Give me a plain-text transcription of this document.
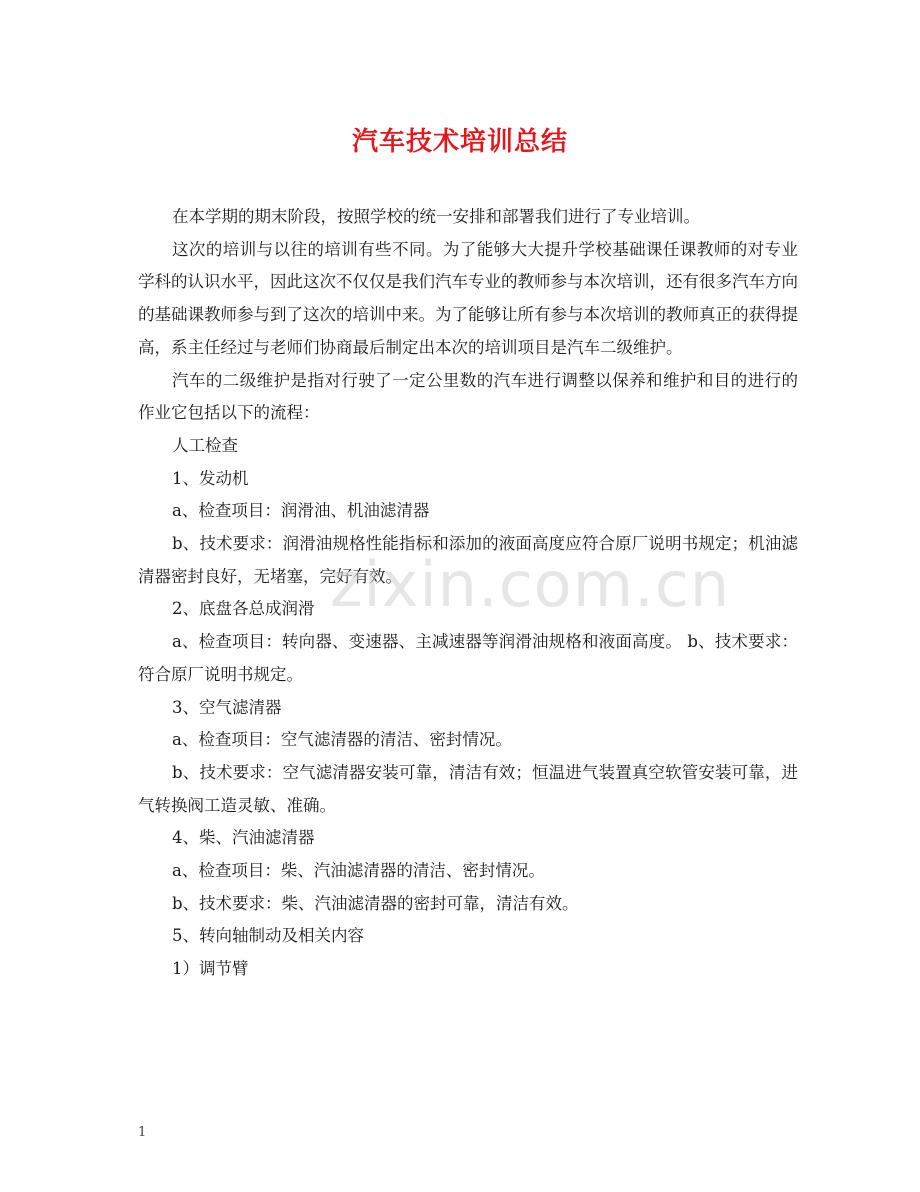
汽车技术培训总结

在本学期的期末阶段，按照学校的统一安排和部署我们进行了专业培训。

这次的培训与以往的培训有些不同。为了能够大大提升学校基础课任课教师的对专业学科的认识水平，因此这次不仅仅是我们汽车专业的教师参与本次培训，还有很多汽车方向的基础课教师参与到了这次的培训中来。为了能够让所有参与本次培训的教师真正的获得提高，系主任经过与老师们协商最后制定出本次的培训项目是汽车二级维护。

汽车的二级维护是指对行驶了一定公里数的汽车进行调整以保养和维护和目的进行的作业它包括以下的流程：

人工检查

1、发动机

a、检查项目：润滑油、机油滤清器

b、技术要求：润滑油规格性能指标和添加的液面高度应符合原厂说明书规定；机油滤清器密封良好，无堵塞，完好有效。

2、底盘各总成润滑

a、检查项目：转向器、变速器、主减速器等润滑油规格和液面高度。 b、技术要求：符合原厂说明书规定。

3、空气滤清器

a、检查项目：空气滤清器的清洁、密封情况。

b、技术要求：空气滤清器安装可靠，清洁有效；恒温进气装置真空软管安装可靠，进气转换阀工造灵敏、准确。

4、柴、汽油滤清器

a、检查项目：柴、汽油滤清器的清洁、密封情况。

b、技术要求：柴、汽油滤清器的密封可靠，清洁有效。

5、转向轴制动及相关内容

1）调节臂

zixin.com.cn
1
